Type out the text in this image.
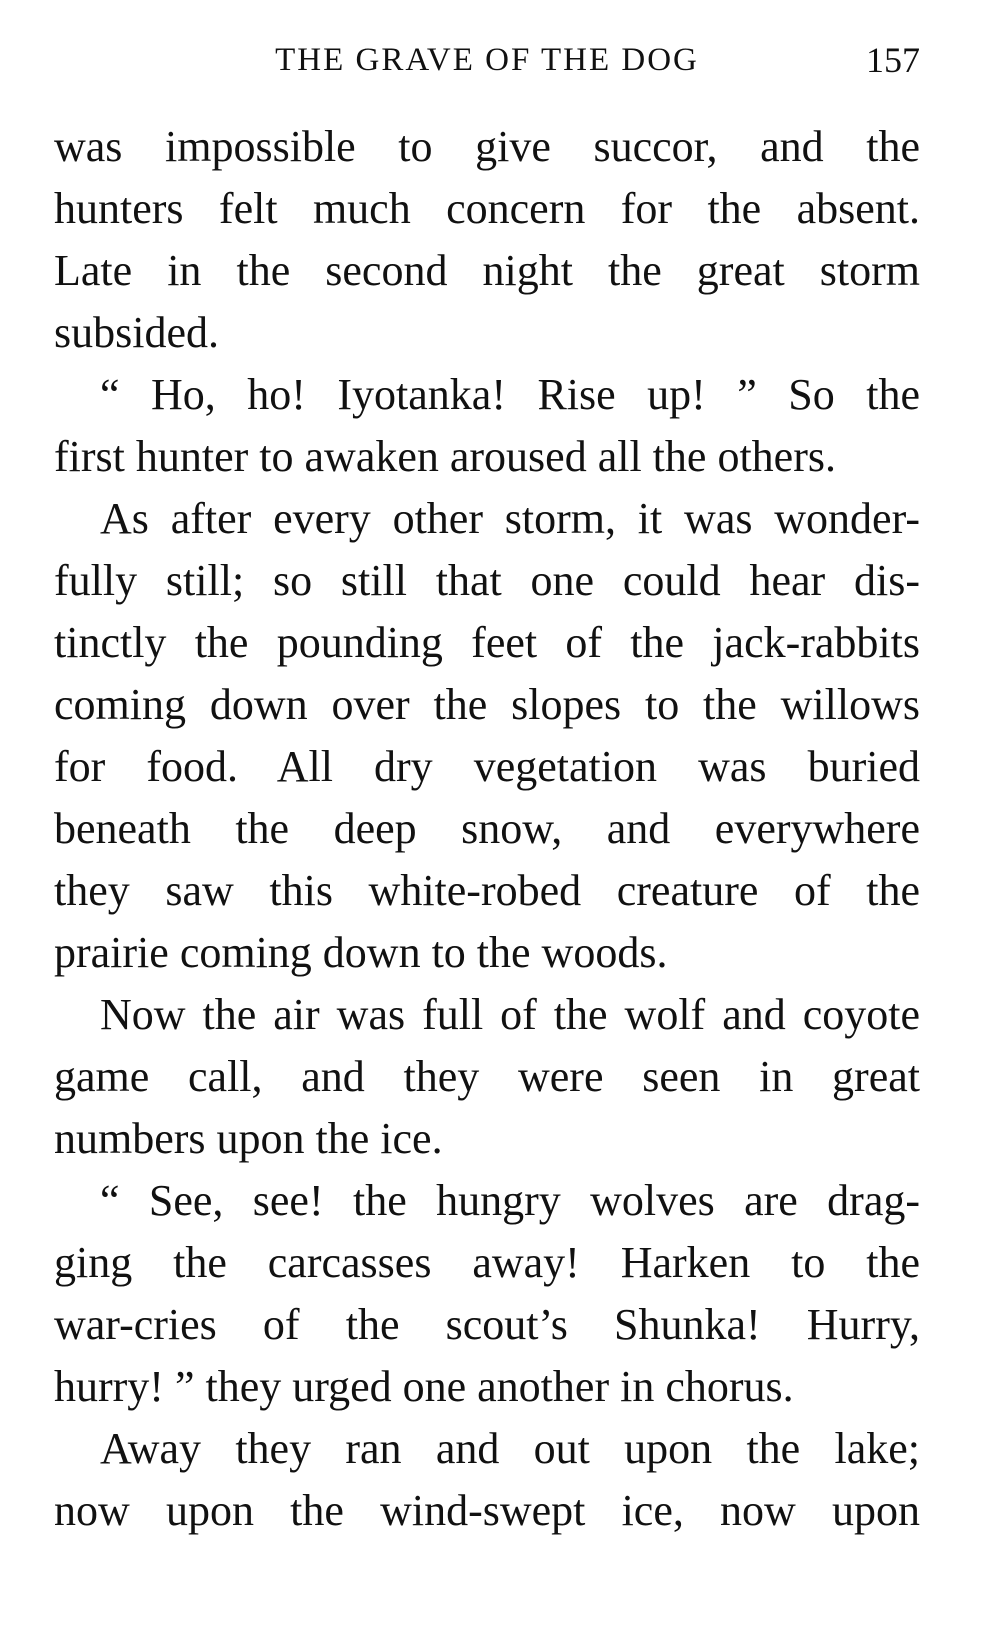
THE GRAVE OF THE DOG	157
was impossible to give succor, and the
hunters felt much concern for the absent.
Late in the second night the great storm
subsided.
“ Ho, ho! Iyotanka! Rise up! ” So the
first hunter to awaken aroused all the others.
As after every other storm, it was wonder-
fully still; so still that one could hear dis-
tinctly the pounding feet of the jack-rabbits
coming down over the slopes to the willows
for food. All dry vegetation was buried
beneath the deep snow, and everywhere
they saw this white-robed creature of the
prairie coming down to the woods.
Now the air was full of the wolf and coyote
game call, and they were seen in great
numbers upon the ice.
“ See, see! the hungry wolves are drag-
ging the carcasses away! Harken to the
war-cries of the scout’s Shunka! Hurry,
hurry! ” they urged one another in chorus.
Away they ran and out upon the lake;
now upon the wind-swept ice, now upon
